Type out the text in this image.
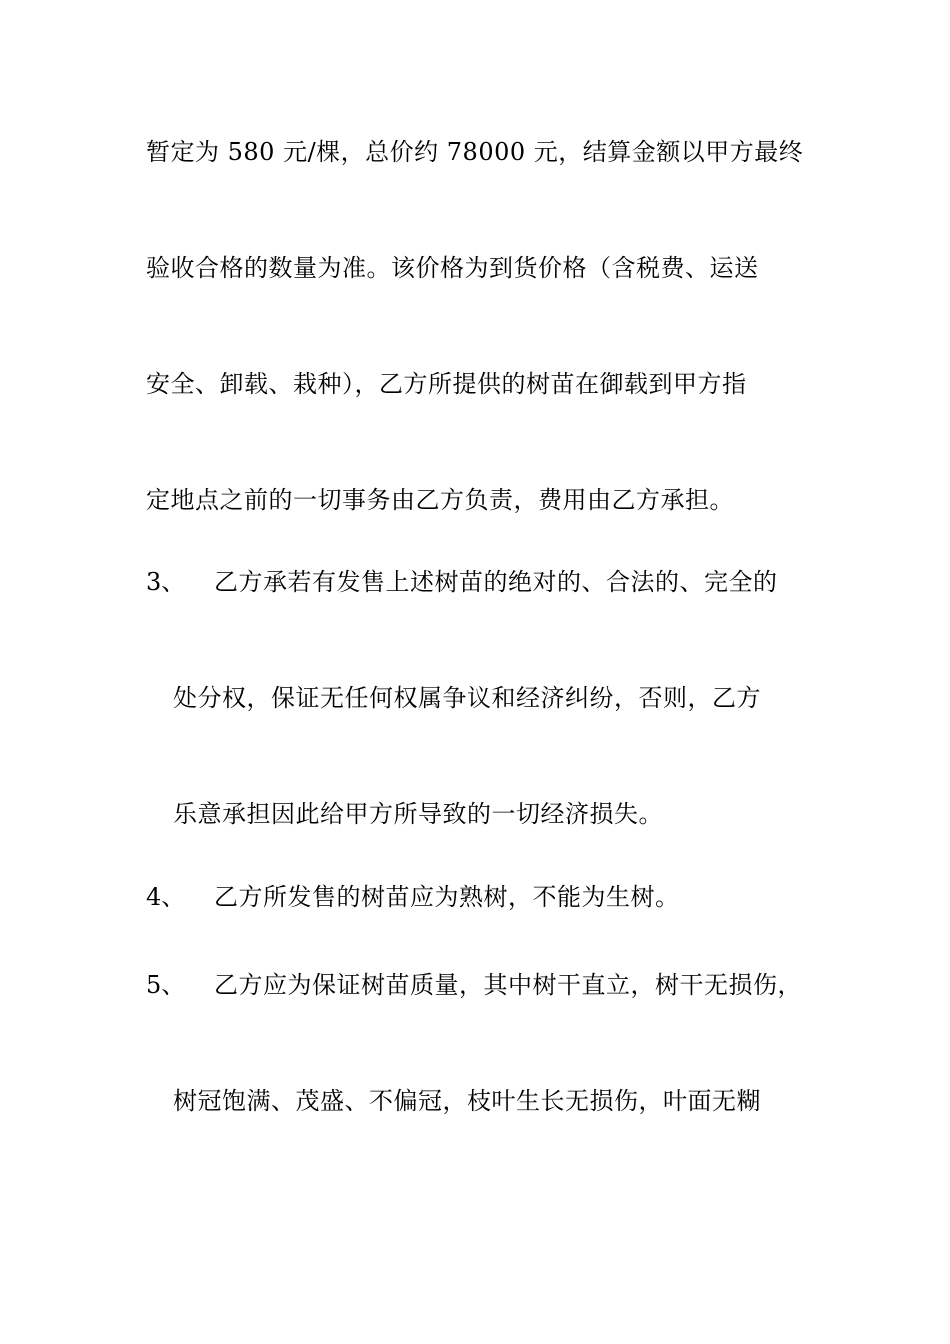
暂定为 580 元/棵，总价约 78000 元，结算金额以甲方最终
验收合格的数量为准。该价格为到货价格（含税费、运送
安全、卸载、栽种），乙方所提供的树苗在御载到甲方指
定地点之前的一切事务由乙方负责，费用由乙方承担。
3、 乙方承若有发售上述树苗的绝对的、合法的、完全的
处分权，保证无任何权属争议和经济纠纷，否则，乙方
乐意承担因此给甲方所导致的一切经济损失。
4、 乙方所发售的树苗应为熟树，不能为生树。
5、 乙方应为保证树苗质量，其中树干直立，树干无损伤，
树冠饱满、茂盛、不偏冠，枝叶生长无损伤，叶面无糊
